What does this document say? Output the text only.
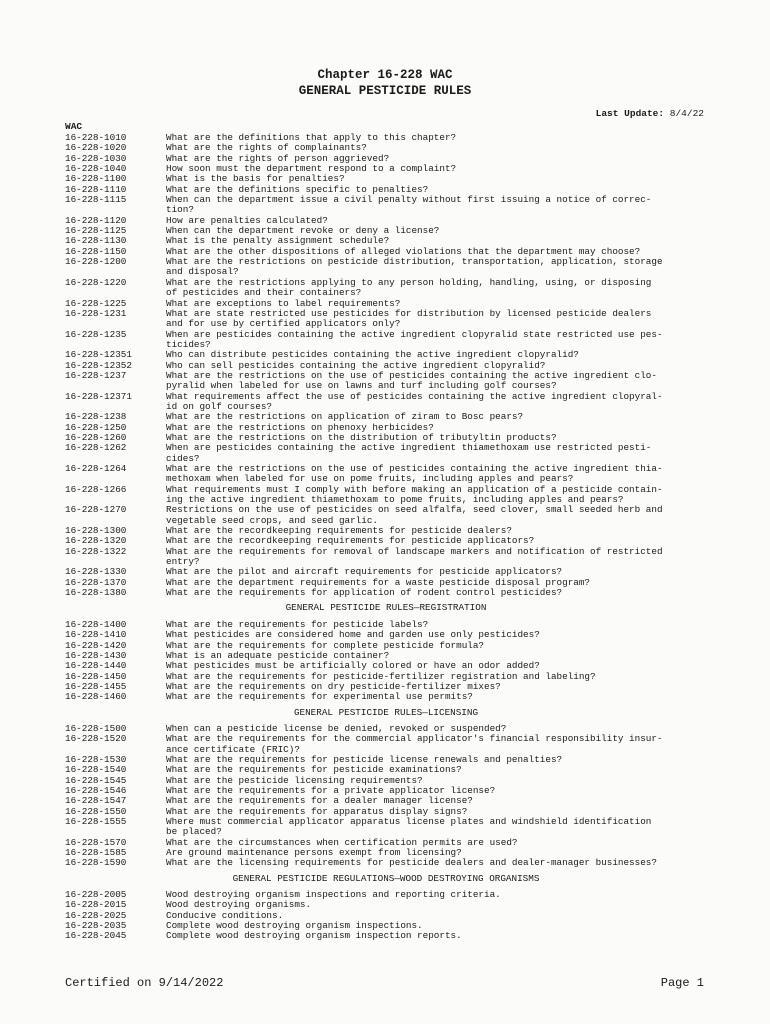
Chapter 16-228 WAC
GENERAL PESTICIDE RULES
Last Update: 8/4/22
WAC
16-228-1010	What are the definitions that apply to this chapter?
16-228-1020	What are the rights of complainants?
16-228-1030	What are the rights of person aggrieved?
16-228-1040	How soon must the department respond to a complaint?
16-228-1100	What is the basis for penalties?
16-228-1110	What are the definitions specific to penalties?
16-228-1115	When can the department issue a civil penalty without first issuing a notice of correc-
tion?
16-228-1120	How are penalties calculated?
16-228-1125	When can the department revoke or deny a license?
16-228-1130	What is the penalty assignment schedule?
16-228-1150	What are the other dispositions of alleged violations that the department may choose?
16-228-1200	What are the restrictions on pesticide distribution, transportation, application, storage
and disposal?
16-228-1220	What are the restrictions applying to any person holding, handling, using, or disposing
of pesticides and their containers?
16-228-1225	What are exceptions to label requirements?
16-228-1231	What are state restricted use pesticides for distribution by licensed pesticide dealers
and for use by certified applicators only?
16-228-1235	When are pesticides containing the active ingredient clopyralid state restricted use pes-
ticides?
16-228-12351	Who can distribute pesticides containing the active ingredient clopyralid?
16-228-12352	Who can sell pesticides containing the active ingredient clopyralid?
16-228-1237	What are the restrictions on the use of pesticides containing the active ingredient clo-
pyralid when labeled for use on lawns and turf including golf courses?
16-228-12371	What requirements affect the use of pesticides containing the active ingredient clopyral-
id on golf courses?
16-228-1238	What are the restrictions on application of ziram to Bosc pears?
16-228-1250	What are the restrictions on phenoxy herbicides?
16-228-1260	What are the restrictions on the distribution of tributyltin products?
16-228-1262	When are pesticides containing the active ingredient thiamethoxam use restricted pesti-
cides?
16-228-1264	What are the restrictions on the use of pesticides containing the active ingredient thia-
methoxam when labeled for use on pome fruits, including apples and pears?
16-228-1266	What requirements must I comply with before making an application of a pesticide contain-
ing the active ingredient thiamethoxam to pome fruits, including apples and pears?
16-228-1270	Restrictions on the use of pesticides on seed alfalfa, seed clover, small seeded herb and
vegetable seed crops, and seed garlic.
16-228-1300	What are the recordkeeping requirements for pesticide dealers?
16-228-1320	What are the recordkeeping requirements for pesticide applicators?
16-228-1322	What are the requirements for removal of landscape markers and notification of restricted
entry?
16-228-1330	What are the pilot and aircraft requirements for pesticide applicators?
16-228-1370	What are the department requirements for a waste pesticide disposal program?
16-228-1380	What are the requirements for application of rodent control pesticides?
GENERAL PESTICIDE RULES—REGISTRATION
16-228-1400	What are the requirements for pesticide labels?
16-228-1410	What pesticides are considered home and garden use only pesticides?
16-228-1420	What are the requirements for complete pesticide formula?
16-228-1430	What is an adequate pesticide container?
16-228-1440	What pesticides must be artificially colored or have an odor added?
16-228-1450	What are the requirements for pesticide-fertilizer registration and labeling?
16-228-1455	What are the requirements on dry pesticide-fertilizer mixes?
16-228-1460	What are the requirements for experimental use permits?
GENERAL PESTICIDE RULES—LICENSING
16-228-1500	When can a pesticide license be denied, revoked or suspended?
16-228-1520	What are the requirements for the commercial applicator's financial responsibility insur-
ance certificate (FRIC)?
16-228-1530	What are the requirements for pesticide license renewals and penalties?
16-228-1540	What are the requirements for pesticide examinations?
16-228-1545	What are the pesticide licensing requirements?
16-228-1546	What are the requirements for a private applicator license?
16-228-1547	What are the requirements for a dealer manager license?
16-228-1550	What are the requirements for apparatus display signs?
16-228-1555	Where must commercial applicator apparatus license plates and windshield identification
be placed?
16-228-1570	What are the circumstances when certification permits are used?
16-228-1585	Are ground maintenance persons exempt from licensing?
16-228-1590	What are the licensing requirements for pesticide dealers and dealer-manager businesses?
GENERAL PESTICIDE REGULATIONS—WOOD DESTROYING ORGANISMS
16-228-2005	Wood destroying organism inspections and reporting criteria.
16-228-2015	Wood destroying organisms.
16-228-2025	Conducive conditions.
16-228-2035	Complete wood destroying organism inspections.
16-228-2045	Complete wood destroying organism inspection reports.
Certified on 9/14/2022	Page 1
